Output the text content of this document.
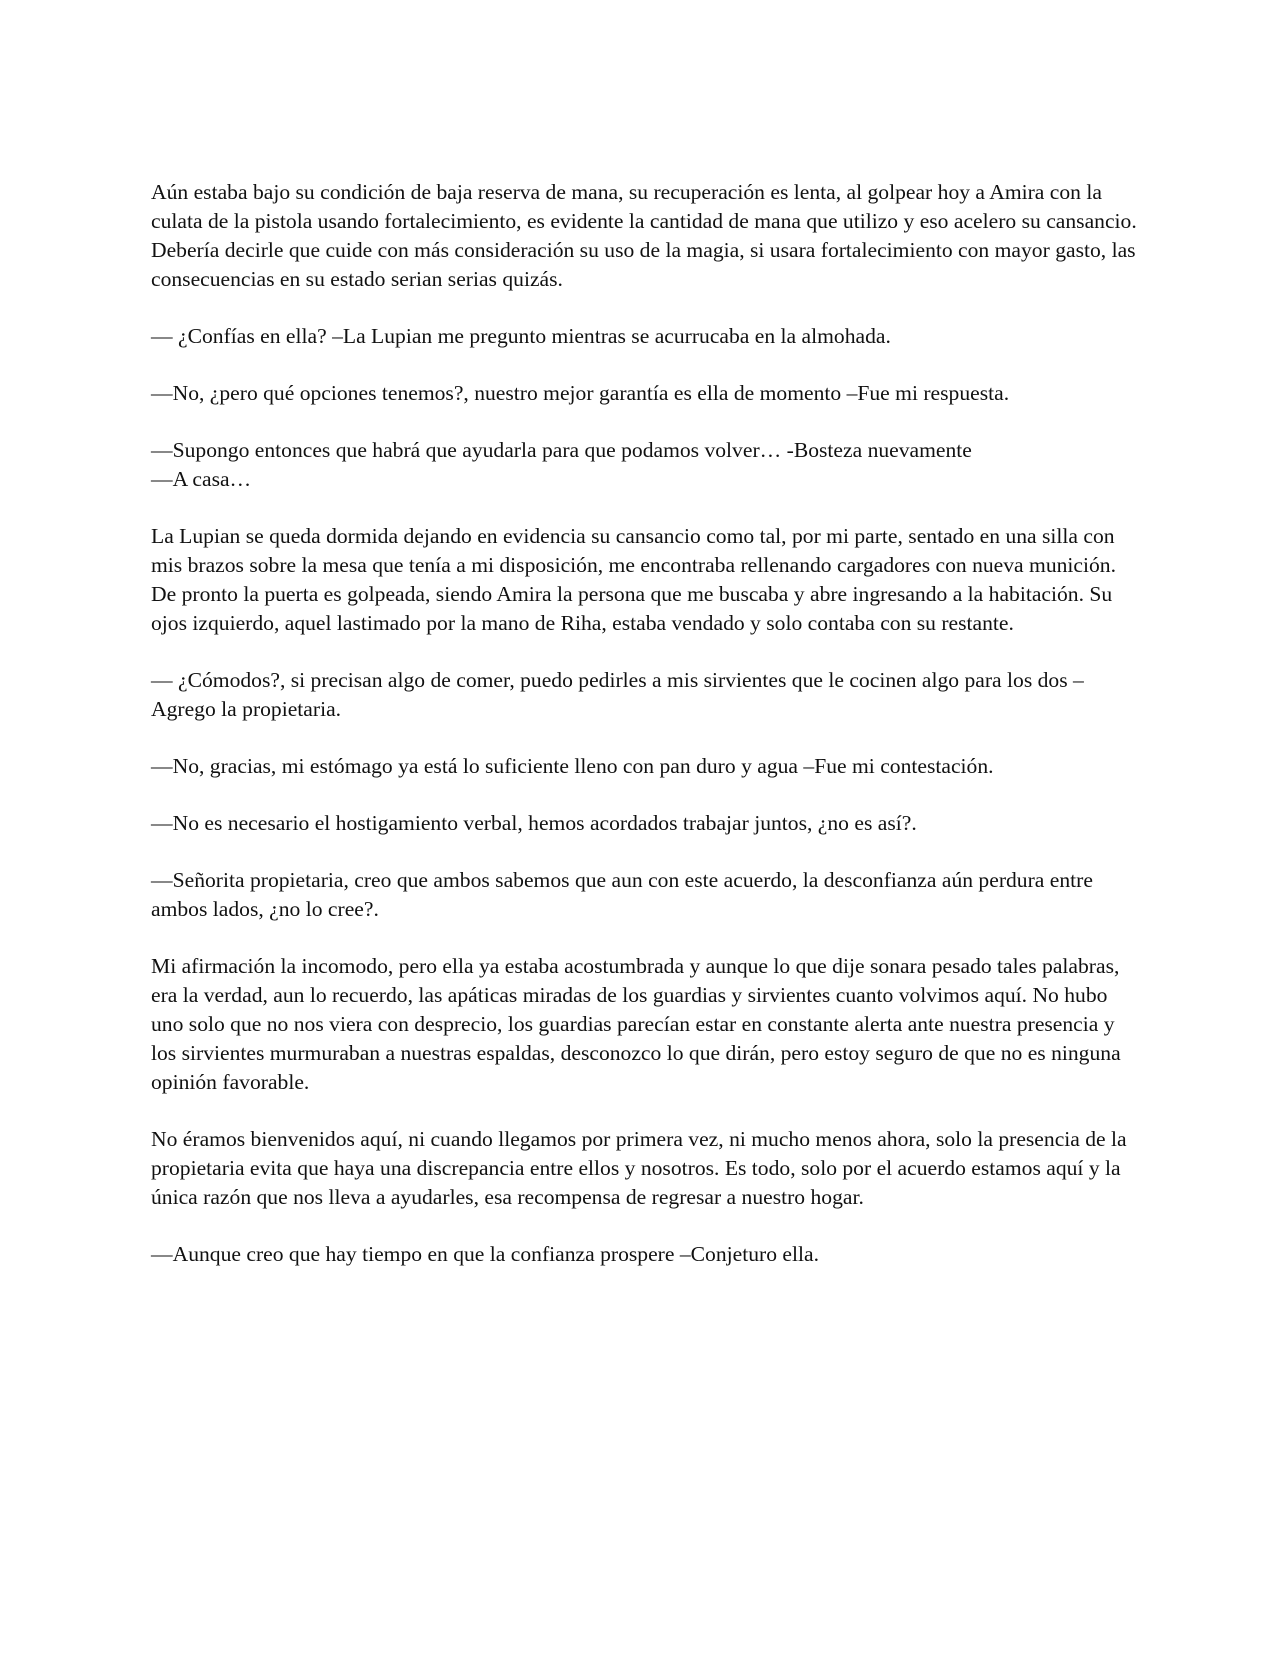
Aún estaba bajo su condición de baja reserva de mana, su recuperación es lenta, al golpear hoy a Amira con la culata de la pistola usando fortalecimiento, es evidente la cantidad de mana que utilizo y eso acelero su cansancio. Debería decirle que cuide con más consideración su uso de la magia, si usara fortalecimiento con mayor gasto, las consecuencias en su estado serian serias quizás.

— ¿Confías en ella? –La Lupian me pregunto mientras se acurrucaba en la almohada.

—No, ¿pero qué opciones tenemos?, nuestro mejor garantía es ella de momento –Fue mi respuesta.

—Supongo entonces que habrá que ayudarla para que podamos volver… -Bosteza nuevamente
—A casa…

La Lupian se queda dormida dejando en evidencia su cansancio como tal, por mi parte, sentado en una silla con mis brazos sobre la mesa que tenía a mi disposición, me encontraba rellenando cargadores con nueva munición. De pronto la puerta es golpeada, siendo Amira la persona que me buscaba y abre ingresando a la habitación. Su ojos izquierdo, aquel lastimado por la mano de Riha, estaba vendado y solo contaba con su restante.

— ¿Cómodos?, si precisan algo de comer, puedo pedirles a mis sirvientes que le cocinen algo para los dos –Agrego la propietaria.

—No, gracias, mi estómago ya está lo suficiente lleno con pan duro y agua –Fue mi contestación.

—No es necesario el hostigamiento verbal, hemos acordados trabajar juntos, ¿no es así?.

—Señorita propietaria, creo que ambos sabemos que aun con este acuerdo, la desconfianza aún perdura entre ambos lados, ¿no lo cree?.

Mi afirmación la incomodo, pero ella ya estaba acostumbrada y aunque lo que dije sonara pesado tales palabras, era la verdad, aun lo recuerdo, las apáticas miradas de los guardias y sirvientes cuanto volvimos aquí. No hubo uno solo que no nos viera con desprecio, los guardias parecían estar en constante alerta ante nuestra presencia y los sirvientes murmuraban a nuestras espaldas, desconozco lo que dirán, pero estoy seguro de que no es ninguna opinión favorable.

No éramos bienvenidos aquí, ni cuando llegamos por primera vez, ni mucho menos ahora, solo la presencia de la propietaria evita que haya una discrepancia entre ellos y nosotros. Es todo, solo por el acuerdo estamos aquí y la única razón que nos lleva a ayudarles, esa recompensa de regresar a nuestro hogar.

—Aunque creo que hay tiempo en que la confianza prospere –Conjeturo ella.
